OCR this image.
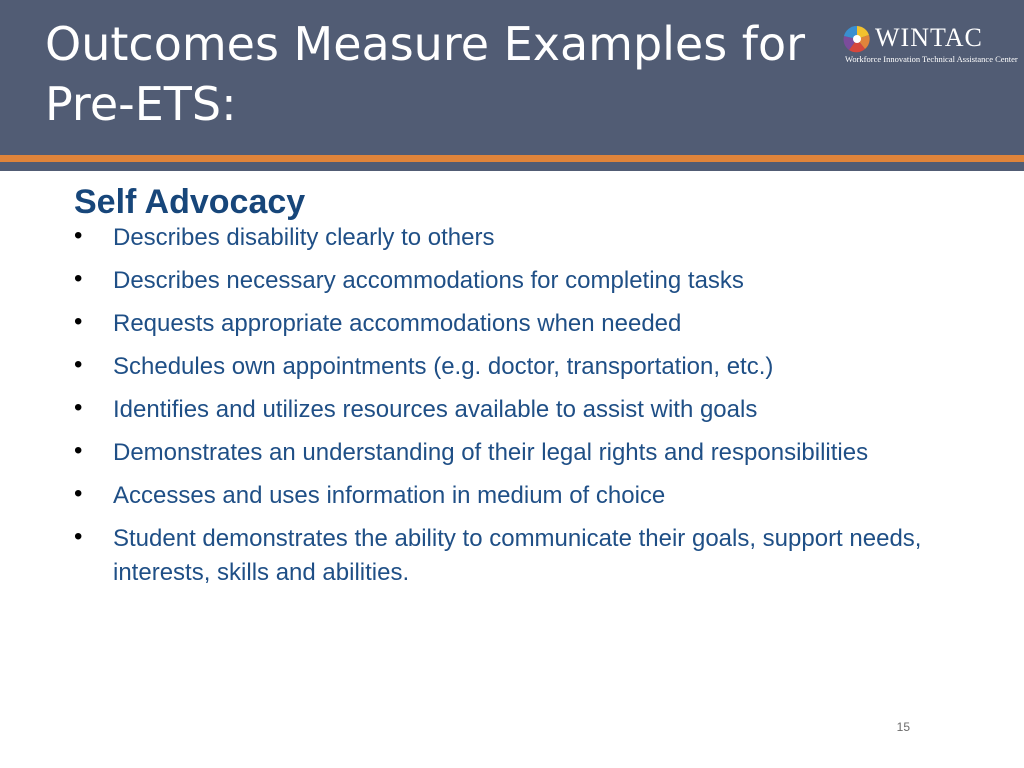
Outcomes Measure Examples for Pre-ETS:
WINTAC
Workforce Innovation Technical Assistance Center
Self Advocacy
• Describes disability clearly to others
• Describes necessary accommodations for completing tasks
• Requests appropriate accommodations when needed
• Schedules own appointments (e.g. doctor, transportation, etc.)
• Identifies and utilizes resources available to assist with goals
• Demonstrates an understanding of their legal rights and responsibilities
• Accesses and uses information in medium of choice
• Student demonstrates the ability to communicate their goals, support needs, interests, skills and abilities.
15
